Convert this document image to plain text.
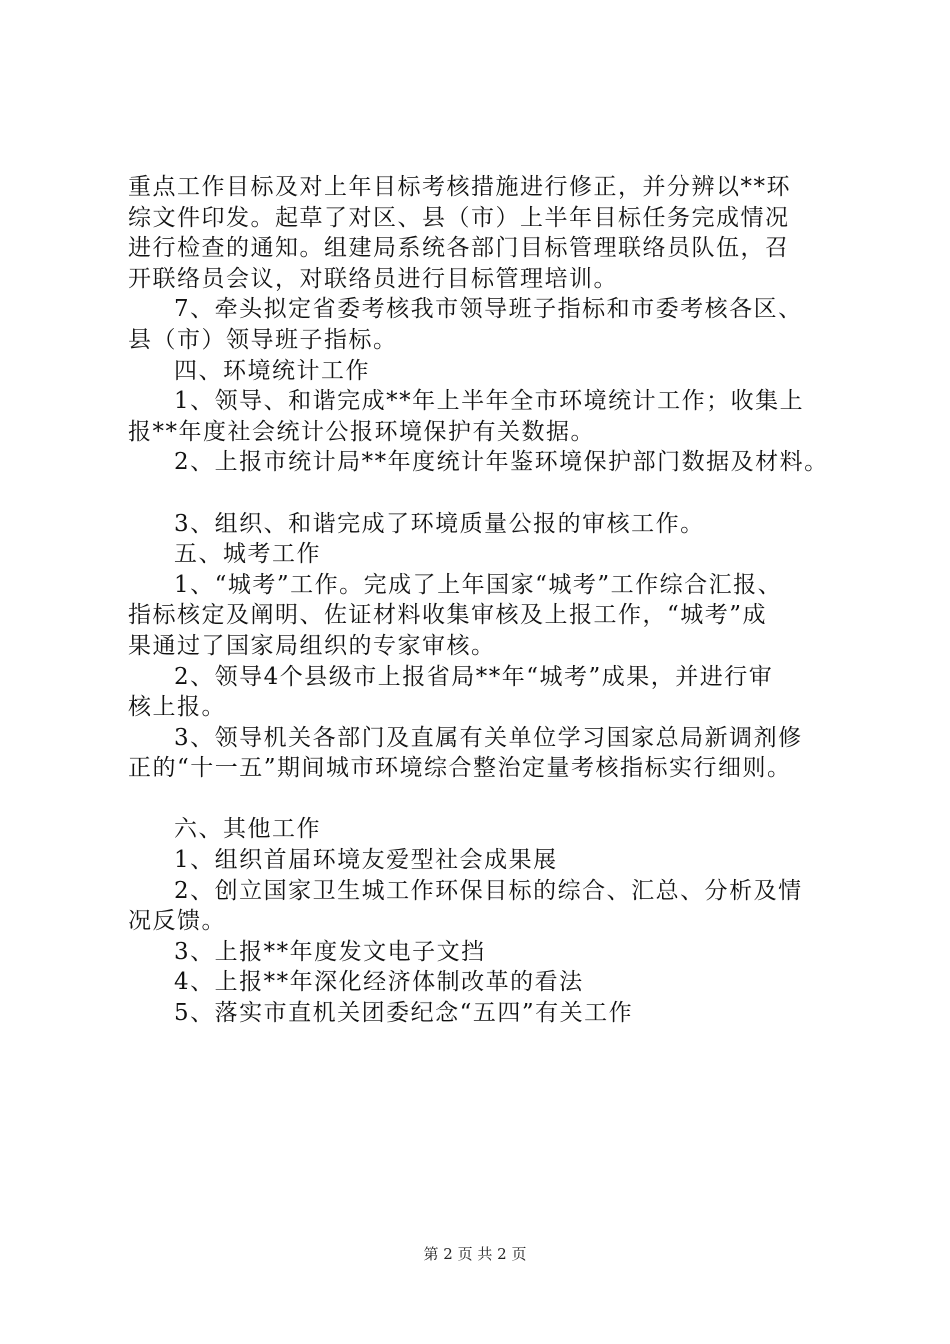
重点工作目标及对上年目标考核措施进行修正，并分辨以**环
综文件印发。起草了对区、县（市）上半年目标任务完成情况
进行检查的通知。组建局系统各部门目标管理联络员队伍，召
开联络员会议，对联络员进行目标管理培训。
7、牵头拟定省委考核我市领导班子指标和市委考核各区、
县（市）领导班子指标。
四、环境统计工作
1、领导、和谐完成**年上半年全市环境统计工作；收集上
报**年度社会统计公报环境保护有关数据。
2、上报市统计局**年度统计年鉴环境保护部门数据及材料。
3、组织、和谐完成了环境质量公报的审核工作。
五、城考工作
1、“城考”工作。完成了上年国家“城考”工作综合汇报、
指标核定及阐明、佐证材料收集审核及上报工作，“城考”成
果通过了国家局组织的专家审核。
2、领导4个县级市上报省局**年“城考”成果，并进行审
核上报。
3、领导机关各部门及直属有关单位学习国家总局新调剂修
正的“十一五”期间城市环境综合整治定量考核指标实行细则。
六、其他工作
1、组织首届环境友爱型社会成果展
2、创立国家卫生城工作环保目标的综合、汇总、分析及情
况反馈。
3、上报**年度发文电子文挡
4、上报**年深化经济体制改革的看法
5、落实市直机关团委纪念“五四”有关工作
第 2 页 共 2 页
